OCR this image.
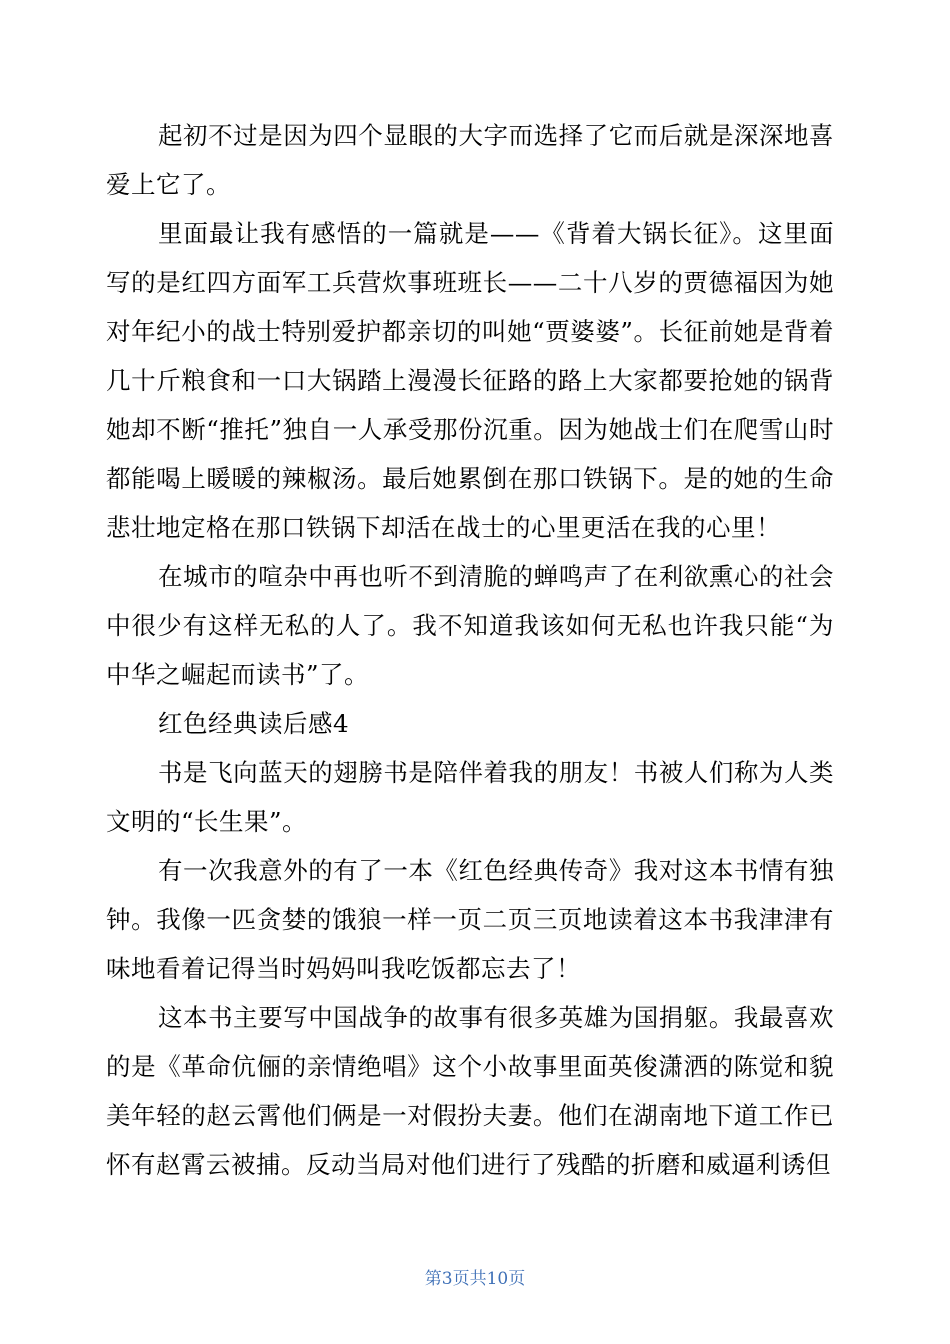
起初不过是因为四个显眼的大字而选择了它而后就是深深地喜爱上它了。

里面最让我有感悟的一篇就是——《背着大锅长征》。这里面写的是红四方面军工兵营炊事班班长——二十八岁的贾德福因为她对年纪小的战士特别爱护都亲切的叫她“贾婆婆”。长征前她是背着几十斤粮食和一口大锅踏上漫漫长征路的路上大家都要抢她的锅背她却不断“推托”独自一人承受那份沉重。因为她战士们在爬雪山时都能喝上暖暖的辣椒汤。最后她累倒在那口铁锅下。是的她的生命悲壮地定格在那口铁锅下却活在战士的心里更活在我的心里！

在城市的喧杂中再也听不到清脆的蝉鸣声了在利欲熏心的社会中很少有这样无私的人了。我不知道我该如何无私也许我只能“为中华之崛起而读书”了。

红色经典读后感4

书是飞向蓝天的翅膀书是陪伴着我的朋友！书被人们称为人类文明的“长生果”。

有一次我意外的有了一本《红色经典传奇》我对这本书情有独钟。我像一匹贪婪的饿狼一样一页二页三页地读着这本书我津津有味地看着记得当时妈妈叫我吃饭都忘去了！

这本书主要写中国战争的故事有很多英雄为国捐躯。我最喜欢的是《革命伉俪的亲情绝唱》这个小故事里面英俊潇洒的陈觉和貌美年轻的赵云霄他们俩是一对假扮夫妻。他们在湖南地下道工作已怀有赵霄云被捕。反动当局对他们进行了残酷的折磨和威逼利诱但

第3页共10页
